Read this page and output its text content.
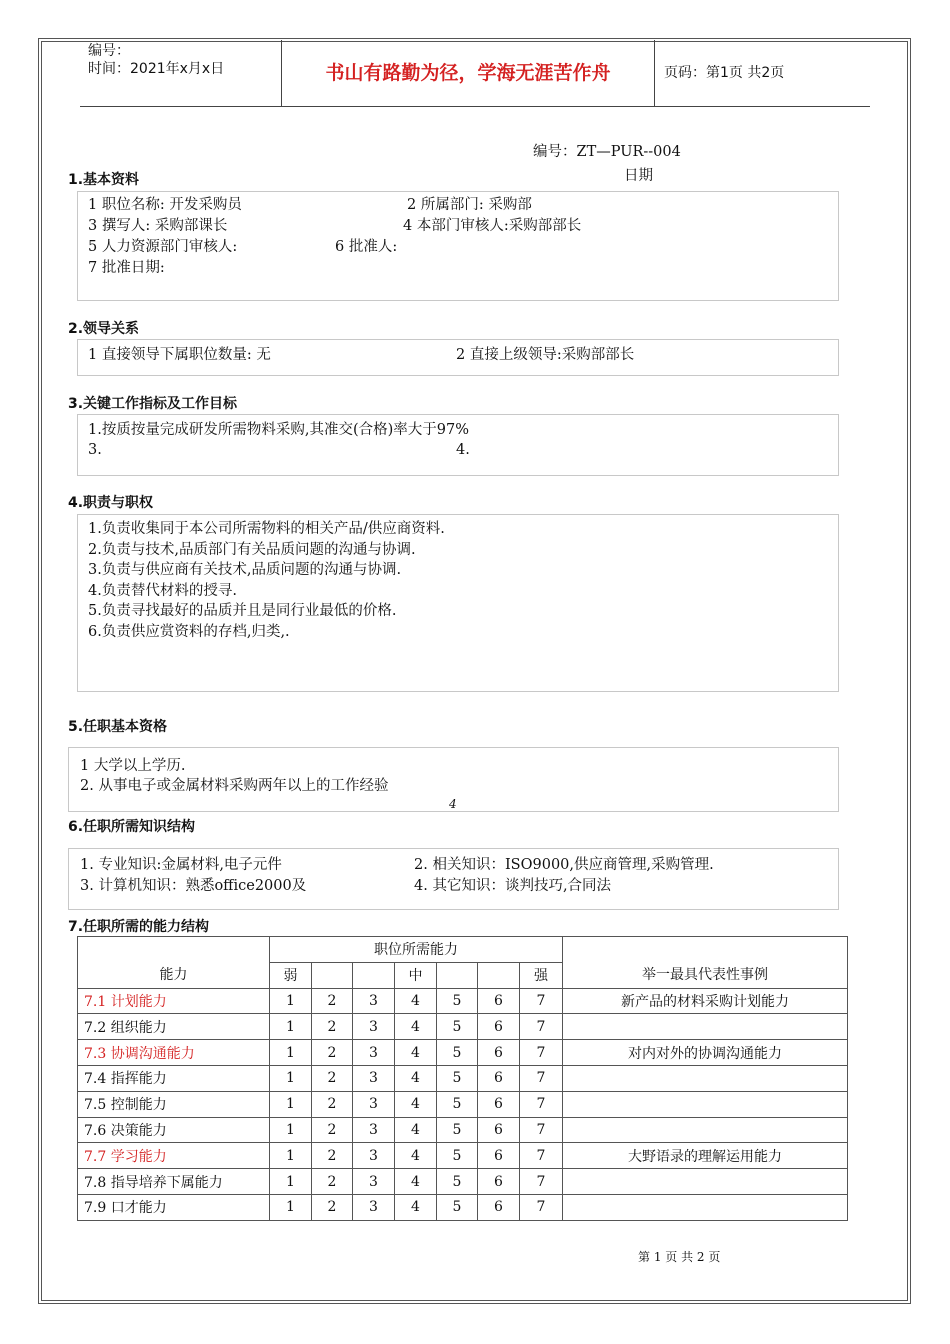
编号：
时间：2021年x月x日	书山有路勤为径，学海无涯苦作舟	页码：第1页 共2页
编号：ZT—PUR--004
日期
1.基本资料
1 职位名称: 开发采购员	2 所属部门: 采购部
3 撰写人: 采购部课长	4 本部门审核人:采购部部长
5 人力资源部门审核人:	6 批准人:
7 批准日期:
2.领导关系
1 直接领导下属职位数量: 无	2 直接上级领导:采购部部长
3.关键工作指标及工作目标
1.按质按量完成研发所需物料采购,其准交(合格)率大于97%
3.	4.
4.职责与职权
1.负责收集同于本公司所需物料的相关产品/供应商资料.
2.负责与技术,品质部门有关品质问题的沟通与协调.
3.负责与供应商有关技术,品质问题的沟通与协调.
4.负责替代材料的授寻.
5.负责寻找最好的品质并且是同行业最低的价格.
6.负责供应赏资料的存档,归类,.
5.任职基本资格
1 大学以上学历.
2. 从事电子或金属材料采购两年以上的工作经验
4
6.任职所需知识结构
1. 专业知识:金属材料,电子元件	2. 相关知识：ISO9000,供应商管理,采购管理.
3. 计算机知识：熟悉office2000及	4. 其它知识：谈判技巧,合同法
7.任职所需的能力结构
能力	职位所需能力							举一最具代表性事例
	弱			中			强	
7.1 计划能力	1	2	3	4	5	6	7	新产品的材料采购计划能力
7.2 组织能力	1	2	3	4	5	6	7	
7.3 协调沟通能力	1	2	3	4	5	6	7	对内对外的协调沟通能力
7.4 指挥能力	1	2	3	4	5	6	7	
7.5 控制能力	1	2	3	4	5	6	7	
7.6 决策能力	1	2	3	4	5	6	7	
7.7 学习能力	1	2	3	4	5	6	7	大野语录的理解运用能力
7.8 指导培养下属能力	1	2	3	4	5	6	7	
7.9 口才能力	1	2	3	4	5	6	7	
第 1 页 共 2 页
